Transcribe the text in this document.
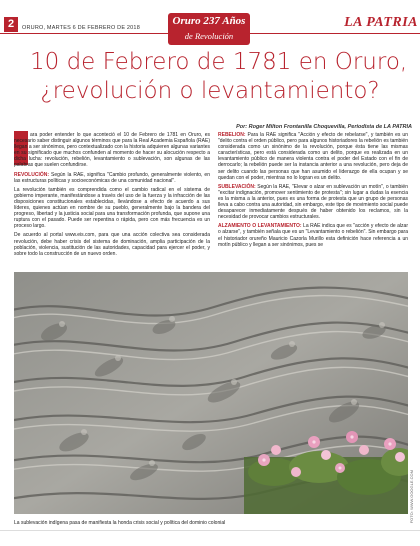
2	ORURO, MARTES 6 DE FEBRERO DE 2018
Oruro 237 Años
de Revolución
LA PATRIA
10 de Febrero de 1781 en Oruro,
¿revolución o levantamiento?
Por: Roger Milton Frontanilla Choquevilla, Periodista de LA PATRIA

ara poder entender lo que aconteció el 10 de Febrero de 1781 en Oruro, es necesario saber distinguir algunos términos que para la Real Academia Española (RAE) llegan a ser sinónimos, pero contextualizado con la historia adquieren algunas variantes en su significado que muchos confunden al momento de hacer su alocución respecto a dicha lucha: revolución, rebelión, levantamiento o sublevación, son algunas de las palabras que suelen confundirse.

REVOLUCIÓN: Según la RAE, significa "Cambio profundo, generalmente violento, en las estructuras políticas y socioeconómicas de una comunidad nacional".

La revolución también es comprendida como el cambio radical en el sistema de gobierno imperante, manifestándose a través del uso de la fuerza y la infracción de las disposiciones constitucionales establecidas, llevándose a efecto de acuerdo a sus líderes, quienes actúan en nombre de su pueblo, generalmente bajo la bandera del progreso, libertad y la justicia social para una transformación profunda, que supone una ruptura con el pasado. Puede ser repentina o rápida, pero con más frecuencia es un proceso largo.

De acuerdo al portal www.eis.com, para que una acción colectiva sea considerada revolución, debe haber crisis del sistema de dominación, amplia participación de la población, violencia, sustitución de las autoridades, capacidad para ejercer el poder, y sobre todo la construcción de un nuevo orden.

REBELIÓN: Para la RAE significa "Acción y efecto de rebelarse", y también es un "delito contra el orden público, pero para algunos historiadores la rebelión es también considerada como un sinónimo de la revolución, porque ésta tiene las mismas características, pero está considerada como un delito, porque es realizada en un levantamiento público de manera violenta contra el poder del Estado con el fin de derrocarlo; la rebelión puede ser la instancia anterior a una revolución, pero deja de ser delito cuando las personas que han asumido el liderazgo de ella ocupan y se quedan con el poder, mientras no lo logran es un delito.

SUBLEVACIÓN: Según la RAE, "Elevar o alzar en sublevación un motín", o también "excitar indignación, promover sentimiento de protesta"; sin lugar a dudas la esencia es la misma a la anterior, pues es una forma de protesta que un grupo de personas lleva a cabo contra una autoridad, sin embargo, este tipo de movimiento social puede desaparecer inmediatamente después de haber obtenido los reclamos, sin la necesidad de provocar cambios estructurales.

ALZAMIENTO O LEVANTAMIENTO: La RAE indica que es "acción y efecto de alzar o alzarse", y también señala que es un "Levantamiento o rebelión". Sin embargo para el historiador orureño Mauricio Cazorla Murillo esta definición hace referencia a un motín público y llegan a ser sinónimos, pues se

FOTO: WWW.GOOGLE.COM
La sublevación indígena pasa de manifiesta la honda crisis social y política del dominio colonial
